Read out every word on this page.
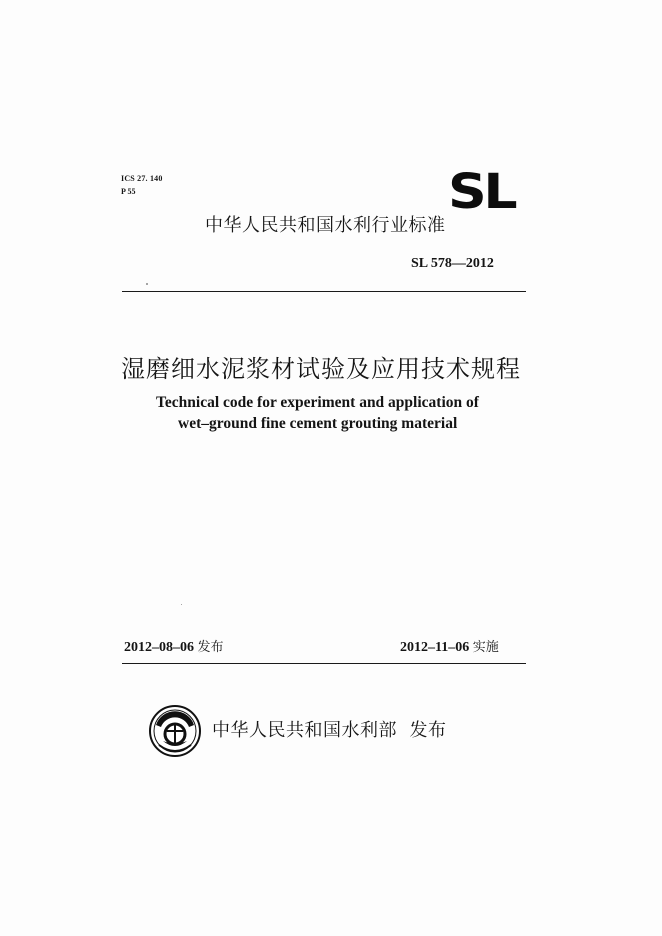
ICS 27. 140
P 55	SL
中华人民共和国水利行业标准
SL 578—2012
湿磨细水泥浆材试验及应用技术规程
Technical code for experiment and application of
wet–ground fine cement grouting material
2012–08–06 发布	2012–11–06 实施
中华人民共和国水利部 发布
